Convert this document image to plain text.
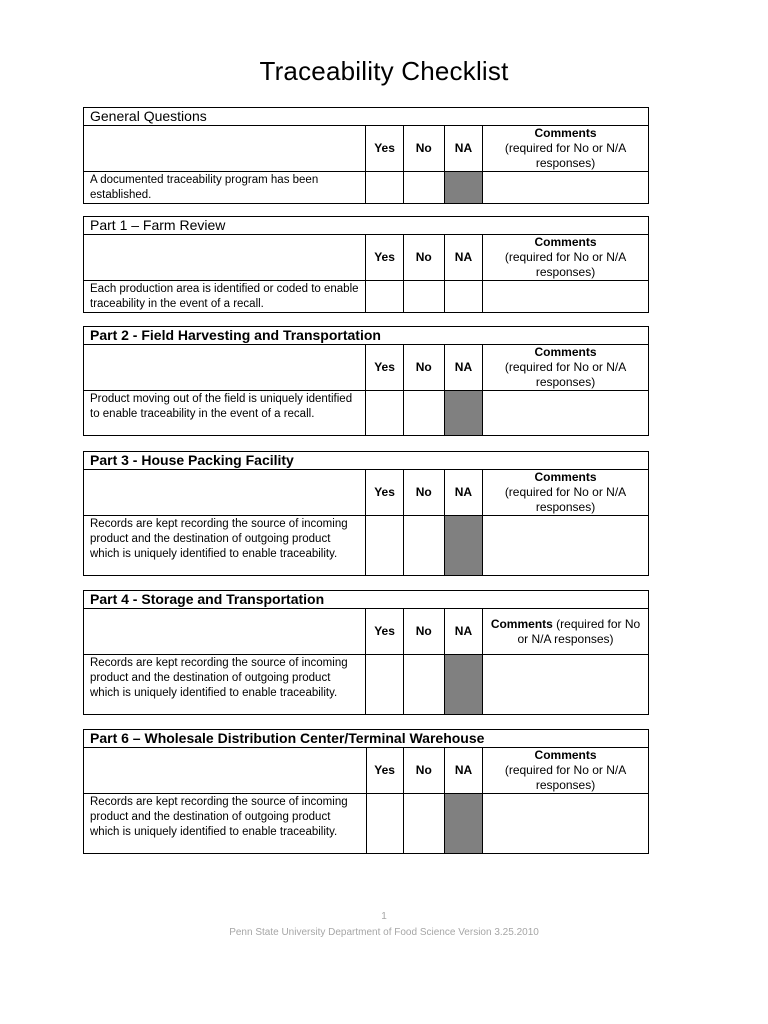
Traceability Checklist
General Questions				
	Yes	No	NA	Comments
(required for No or N/A responses)
A documented traceability program has been established.				
Part 1 – Farm Review				
	Yes	No	NA	Comments
(required for No or N/A responses)
Each production area is identified or coded to enable traceability in the event of a recall.				
Part 2 - Field Harvesting and Transportation				
	Yes	No	NA	Comments
(required for No or N/A responses)
Product moving out of the field is uniquely identified to enable traceability in the event of a recall.				
Part 3 - House Packing Facility				
	Yes	No	NA	Comments
(required for No or N/A responses)
Records are kept recording the source of incoming product and the destination of outgoing product which is uniquely identified to enable traceability.				
Part 4 - Storage and Transportation				
	Yes	No	NA	Comments (required for No or N/A responses)
Records are kept recording the source of incoming product and the destination of outgoing product which is uniquely identified to enable traceability.				
Part 6 – Wholesale Distribution Center/Terminal Warehouse				
	Yes	No	NA	Comments
(required for No or N/A responses)
Records are kept recording the source of incoming product and the destination of outgoing product which is uniquely identified to enable traceability.				
1
Penn State University Department of Food Science Version 3.25.2010
